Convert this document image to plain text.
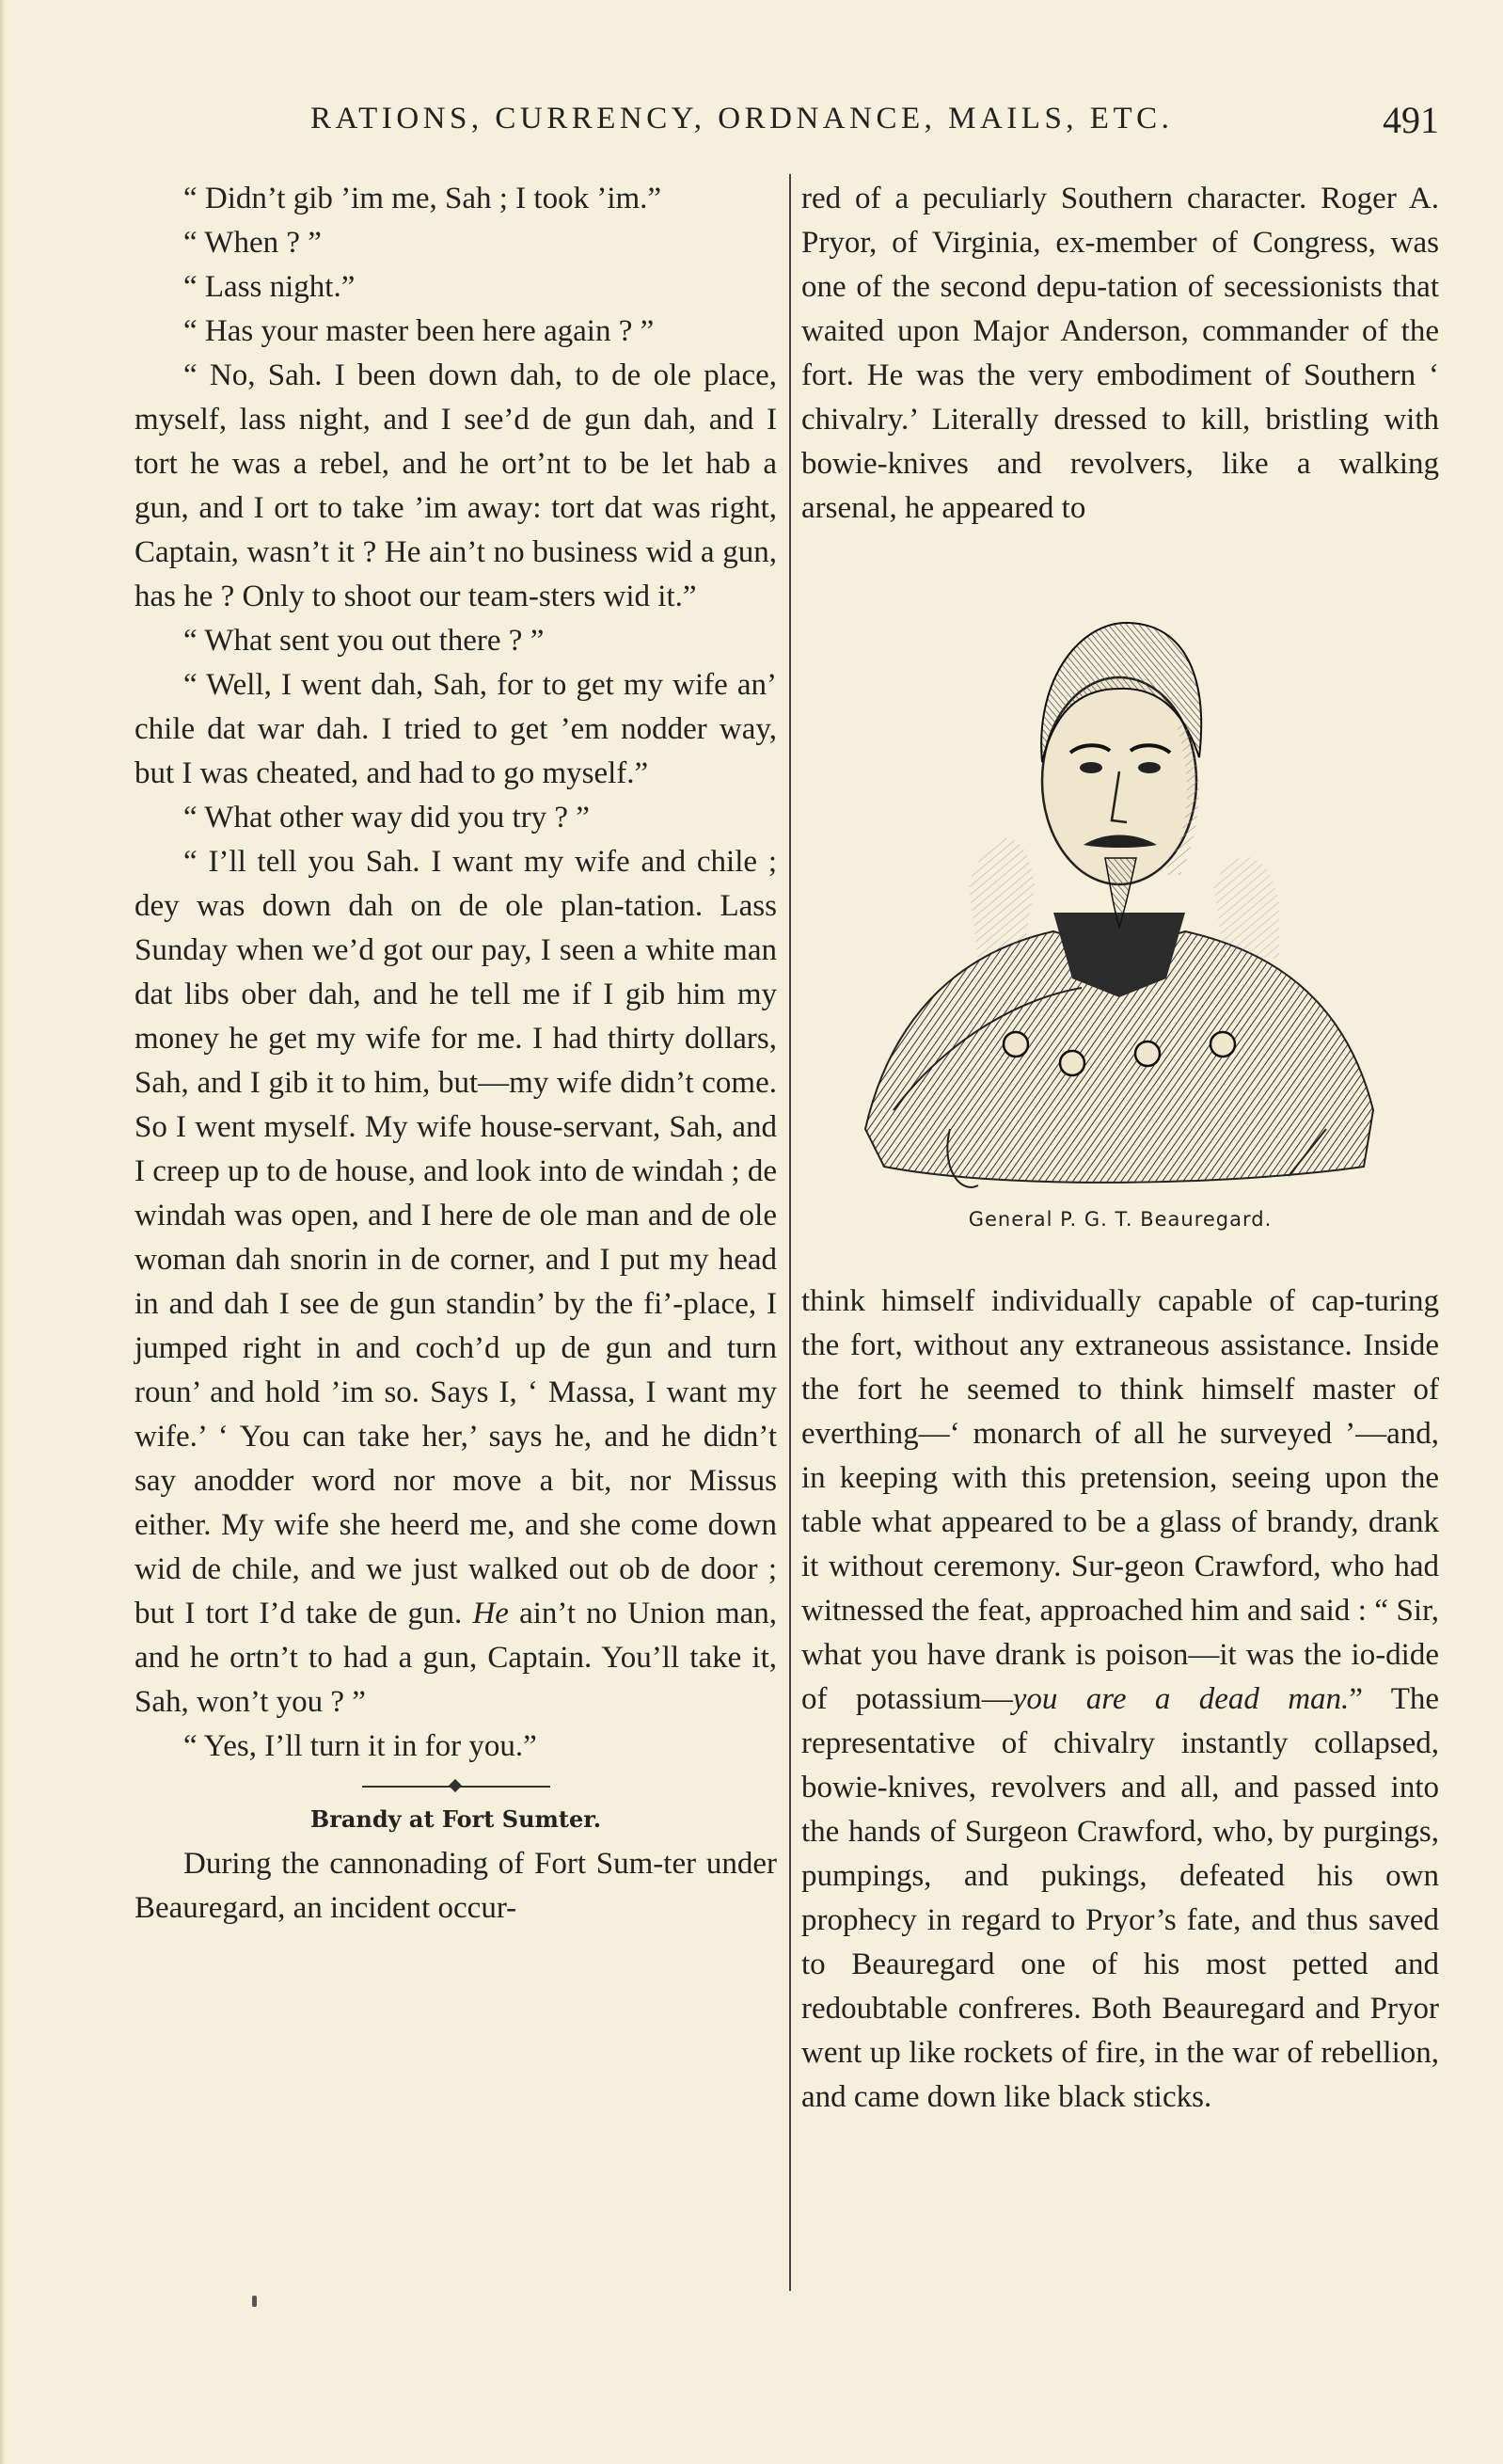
RATIONS, CURRENCY, ORDNANCE, MAILS, ETC.	491

“ Didn’t gib ’im me, Sah ; I took ’im.”

“ When ? ”

“ Lass night.”

“ Has your master been here again ? ”

“ No, Sah. I been down dah, to de ole place, myself, lass night, and I see’d de gun dah, and I tort he was a rebel, and he ort’nt to be let hab a gun, and I ort to take ’im away: tort dat was right, Captain, wasn’t it ? He ain’t no business wid a gun, has he ? Only to shoot our team-sters wid it.”

“ What sent you out there ? ”

“ Well, I went dah, Sah, for to get my wife an’ chile dat war dah. I tried to get ’em nodder way, but I was cheated, and had to go myself.”

“ What other way did you try ? ”

“ I’ll tell you Sah. I want my wife and chile ; dey was down dah on de ole plan-tation. Lass Sunday when we’d got our pay, I seen a white man dat libs ober dah, and he tell me if I gib him my money he get my wife for me. I had thirty dollars, Sah, and I gib it to him, but—my wife didn’t come. So I went myself. My wife house-servant, Sah, and I creep up to de house, and look into de windah ; de windah was open, and I here de ole man and de ole woman dah snorin in de corner, and I put my head in and dah I see de gun standin’ by the fi’-place, I jumped right in and coch’d up de gun and turn roun’ and hold ’im so. Says I, ‘ Massa, I want my wife.’ ‘ You can take her,’ says he, and he didn’t say anodder word nor move a bit, nor Missus either. My wife she heerd me, and she come down wid de chile, and we just walked out ob de door ; but I tort I’d take de gun. He ain’t no Union man, and he ortn’t to had a gun, Captain. You’ll take it, Sah, won’t you ? ”

“ Yes, I’ll turn it in for you.”

Brandy at Fort Sumter.

During the cannonading of Fort Sum-ter under Beauregard, an incident occur-

red of a peculiarly Southern character. Roger A. Pryor, of Virginia, ex-member of Congress, was one of the second depu-tation of secessionists that waited upon Major Anderson, commander of the fort. He was the very embodiment of Southern ‘ chivalry.’ Literally dressed to kill, bristling with bowie-knives and revolvers, like a walking arsenal, he appeared to

General P. G. T. Beauregard.

think himself individually capable of cap-turing the fort, without any extraneous assistance. Inside the fort he seemed to think himself master of everthing—‘ monarch of all he surveyed ’—and, in keeping with this pretension, seeing upon the table what appeared to be a glass of brandy, drank it without ceremony. Sur-geon Crawford, who had witnessed the feat, approached him and said : “ Sir, what you have drank is poison—it was the io-dide of potassium—you are a dead man.” The representative of chivalry instantly collapsed, bowie-knives, revolvers and all, and passed into the hands of Surgeon Crawford, who, by purgings, pumpings, and pukings, defeated his own prophecy in regard to Pryor’s fate, and thus saved to Beauregard one of his most petted and redoubtable confreres. Both Beauregard and Pryor went up like rockets of fire, in the war of rebellion, and came down like black sticks.
